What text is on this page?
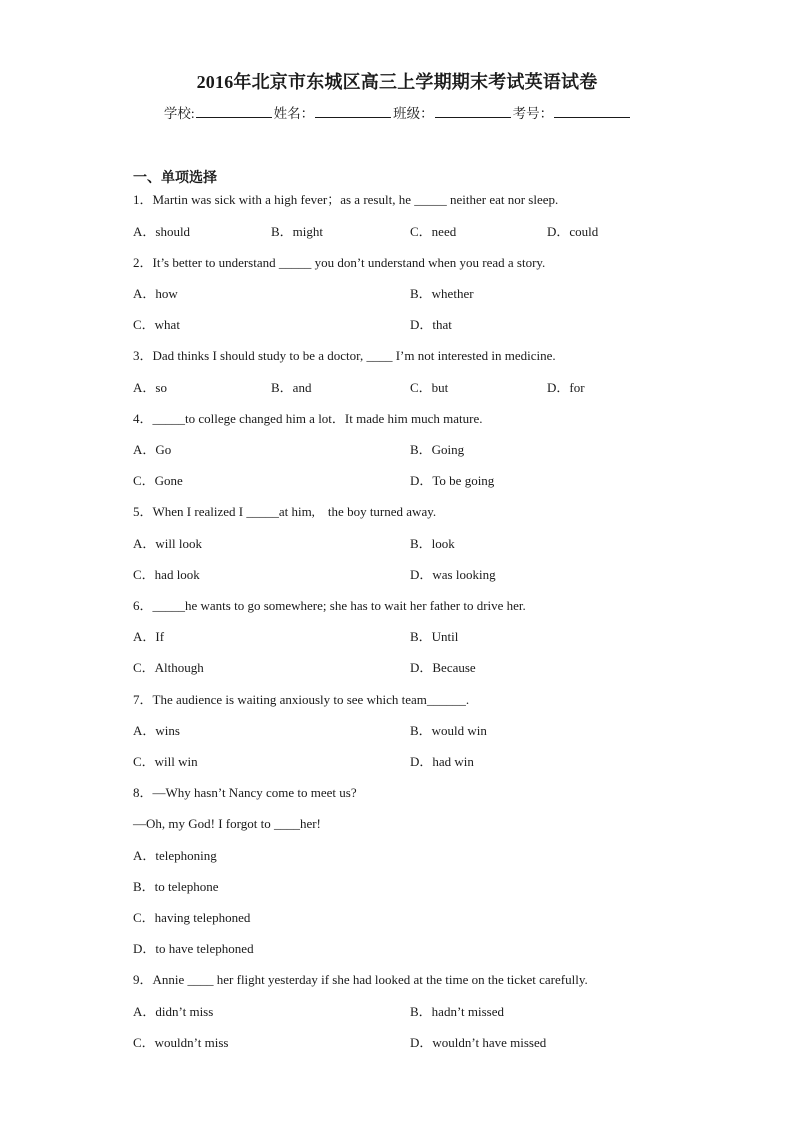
2016年北京市东城区高三上学期期末考试英语试卷
学校:	姓名：	班级：	考号：
一、单项选择
1．Martin was sick with a high fever；as a result, he _____ neither eat nor sleep.
A．should	B．might	C．need	D．could
2．It’s better to understand _____ you don’t understand when you read a story.
A．how	B．whether
C．what	D．that
3．Dad thinks I should study to be a doctor, ____ I’m not interested in medicine.
A．so	B．and	C．but	D．for
4．_____to college changed him a lot．It made him much mature.
A．Go	B．Going
C．Gone	D．To be going
5．When I realized I _____at him,　the boy turned away.
A．will look	B．look
C．had look	D．was looking
6．_____he wants to go somewhere; she has to wait her father to drive her.
A．If	B．Until
C．Although	D．Because
7．The audience is waiting anxiously to see which team______.
A．wins	B．would win
C．will win	D．had win
8．—Why hasn’t Nancy come to meet us?
—Oh, my God! I forgot to ____her!
A．telephoning
B．to telephone
C．having telephoned
D．to have telephoned
9．Annie ____ her flight yesterday if she had looked at the time on the ticket carefully.
A．didn’t miss	B．hadn’t missed
C．wouldn’t miss	D．wouldn’t have missed
